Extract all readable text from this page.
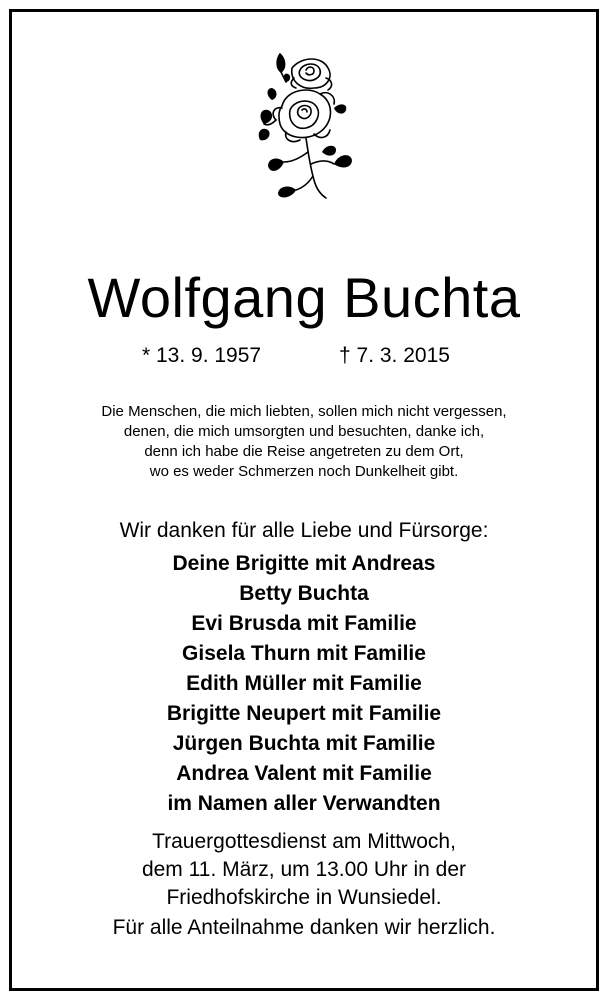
Wolfgang Buchta
* 13. 9. 1957	† 7. 3. 2015
Die Menschen, die mich liebten, sollen mich nicht vergessen,
denen, die mich umsorgten und besuchten, danke ich,
denn ich habe die Reise angetreten zu dem Ort,
wo es weder Schmerzen noch Dunkelheit gibt.
Wir danken für alle Liebe und Fürsorge:
Deine Brigitte mit Andreas
Betty Buchta
Evi Brusda mit Familie
Gisela Thurn mit Familie
Edith Müller mit Familie
Brigitte Neupert mit Familie
Jürgen Buchta mit Familie
Andrea Valent mit Familie
im Namen aller Verwandten
Trauergottesdienst am Mittwoch,
dem 11. März, um 13.00 Uhr in der
Friedhofskirche in Wunsiedel.
Für alle Anteilnahme danken wir herzlich.
